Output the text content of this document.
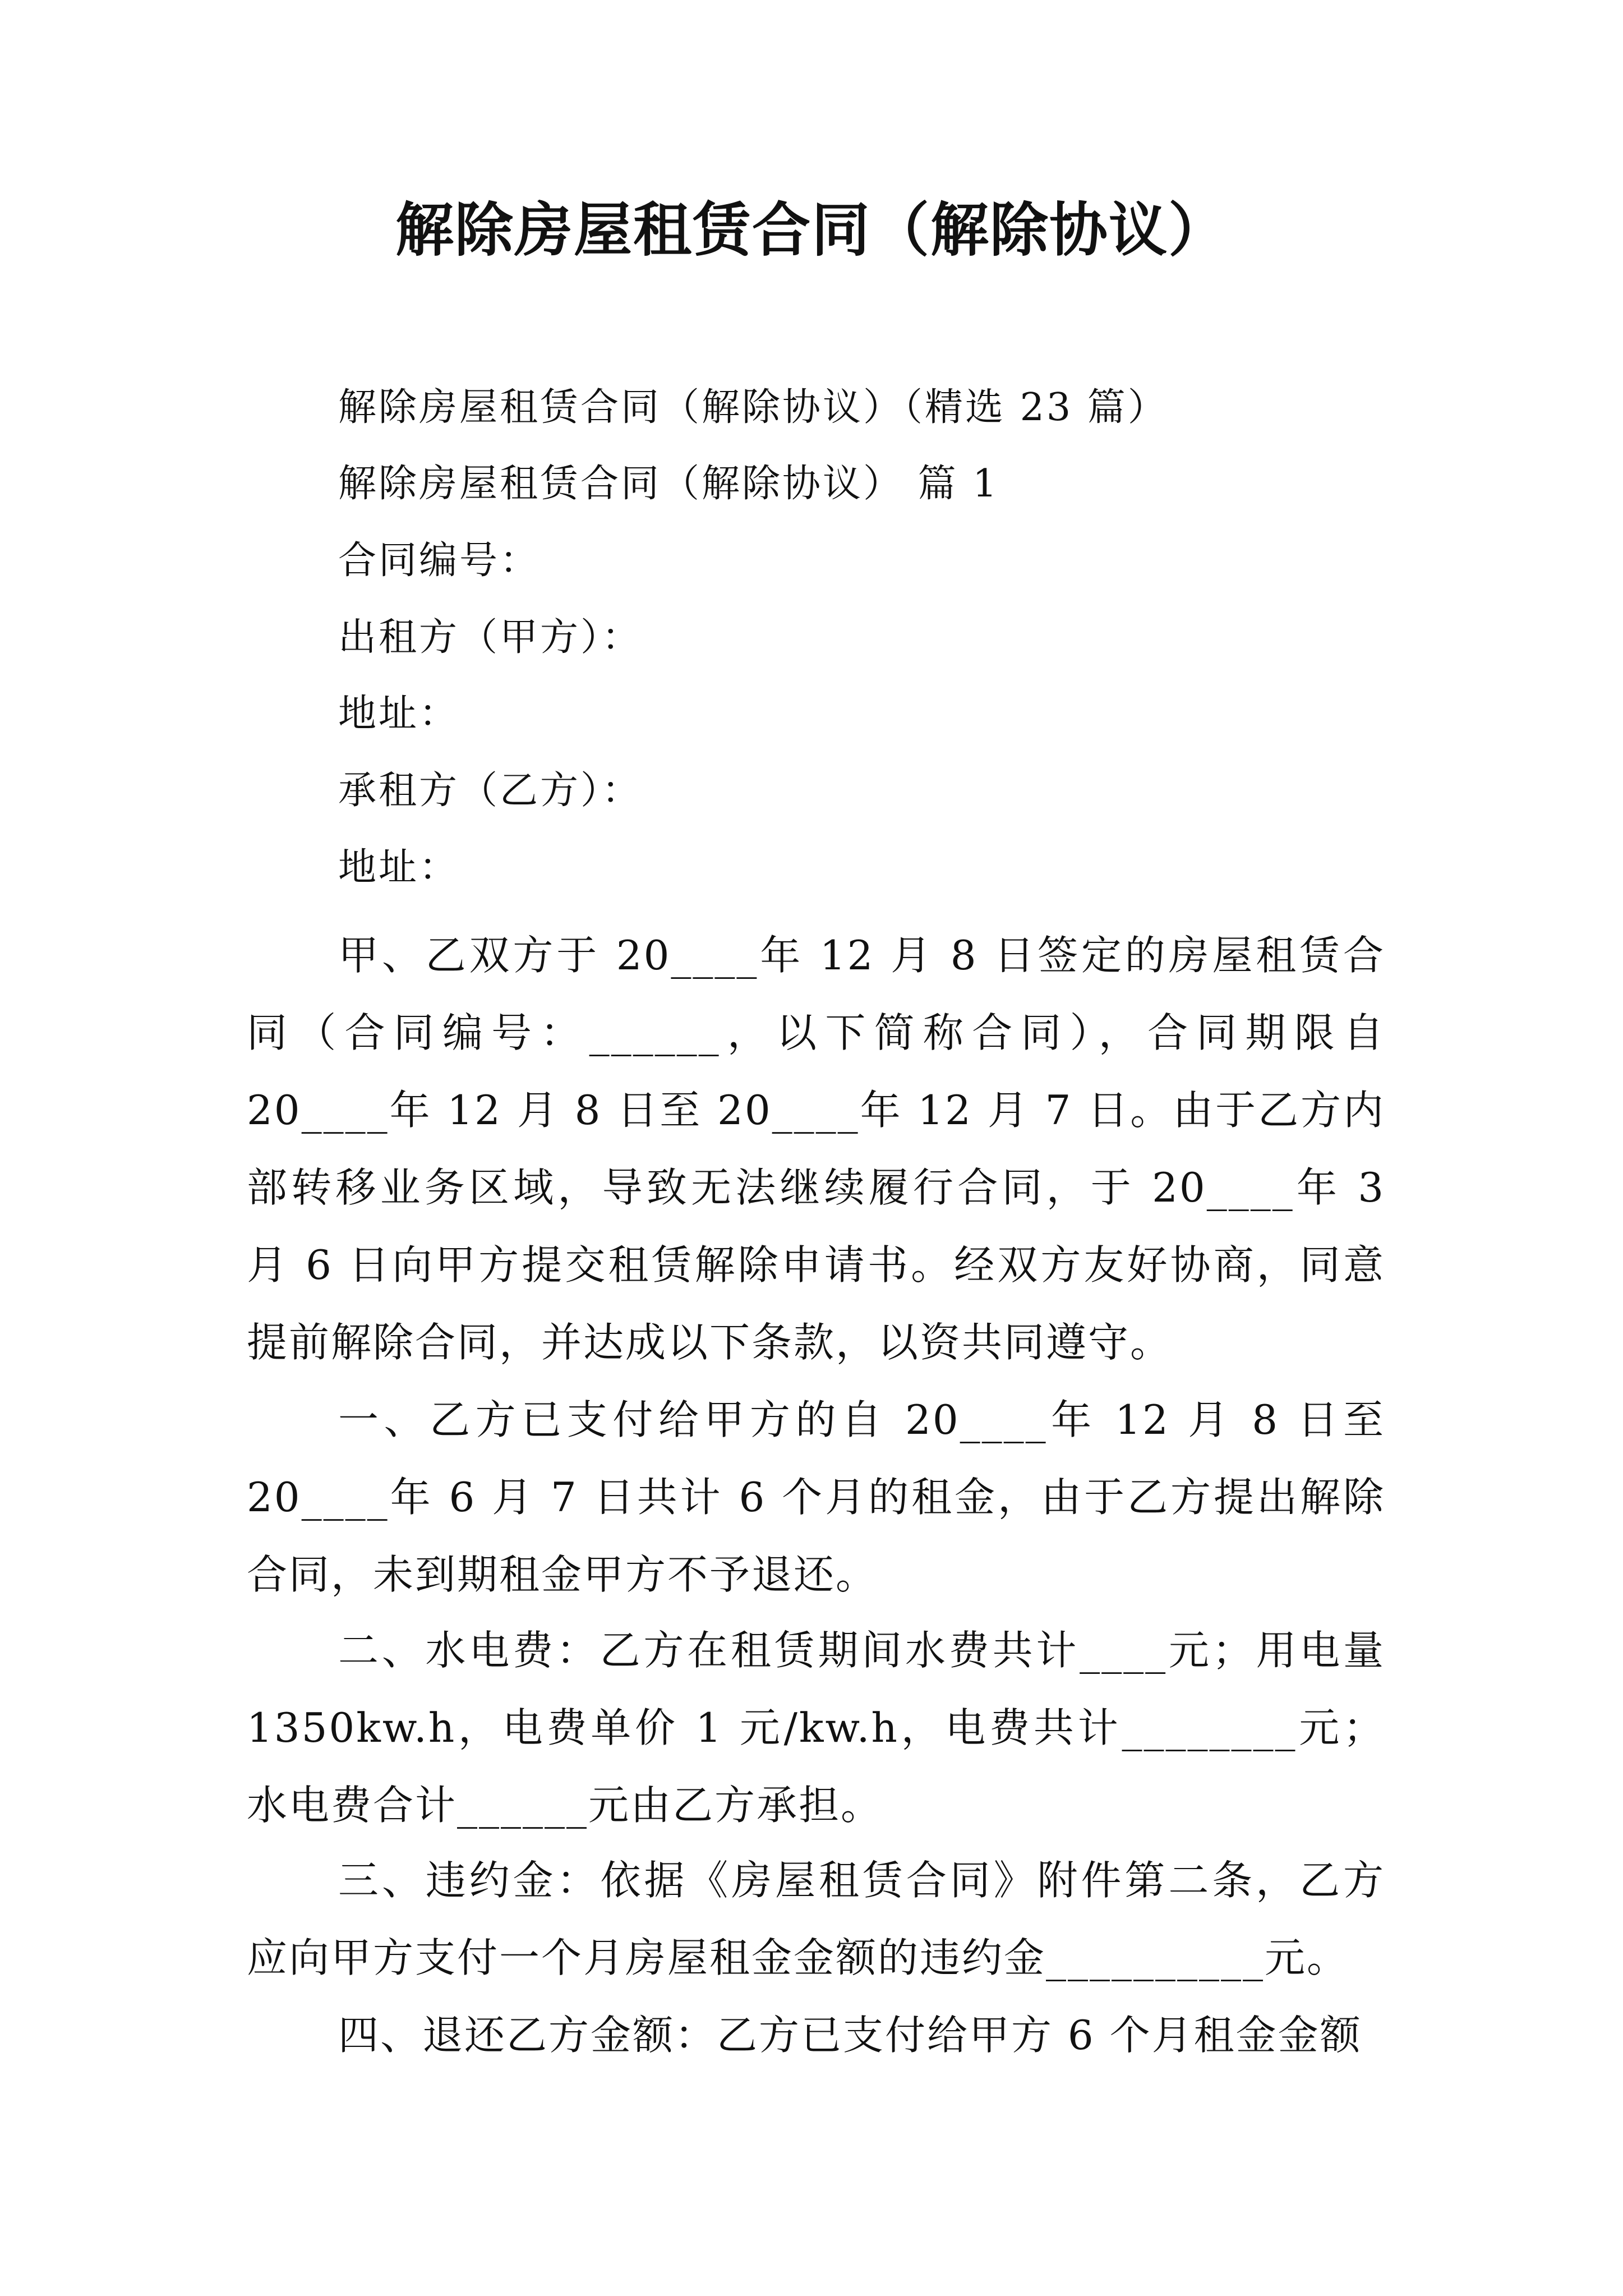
解除房屋租赁合同（解除协议）
解除房屋租赁合同（解除协议）（精选 23 篇）
解除房屋租赁合同（解除协议） 篇 1
合同编号：
出租方（甲方）：
地址：
承租方（乙方）：
地址：

甲、乙双方于 20____年 12 月 8 日签定的房屋租赁合同（合同编号：______，以下简称合同），合同期限自 20____年 12 月 8 日至 20____年 12 月 7 日。由于乙方内部转移业务区域，导致无法继续履行合同，于 20____年 3 月 6 日向甲方提交租赁解除申请书。经双方友好协商，同意提前解除合同，并达成以下条款，以资共同遵守。

一、乙方已支付给甲方的自 20____年 12 月 8 日至 20____年 6 月 7 日共计 6 个月的租金，由于乙方提出解除合同，未到期租金甲方不予退还。

二、水电费：乙方在租赁期间水费共计____元；用电量 1350kw.h，电费单价 1 元/kw.h，电费共计________元；水电费合计______元由乙方承担。

三、违约金：依据《房屋租赁合同》附件第二条，乙方应向甲方支付一个月房屋租金金额的违约金__________元。

四、退还乙方金额：乙方已支付给甲方 6 个月租金金额
